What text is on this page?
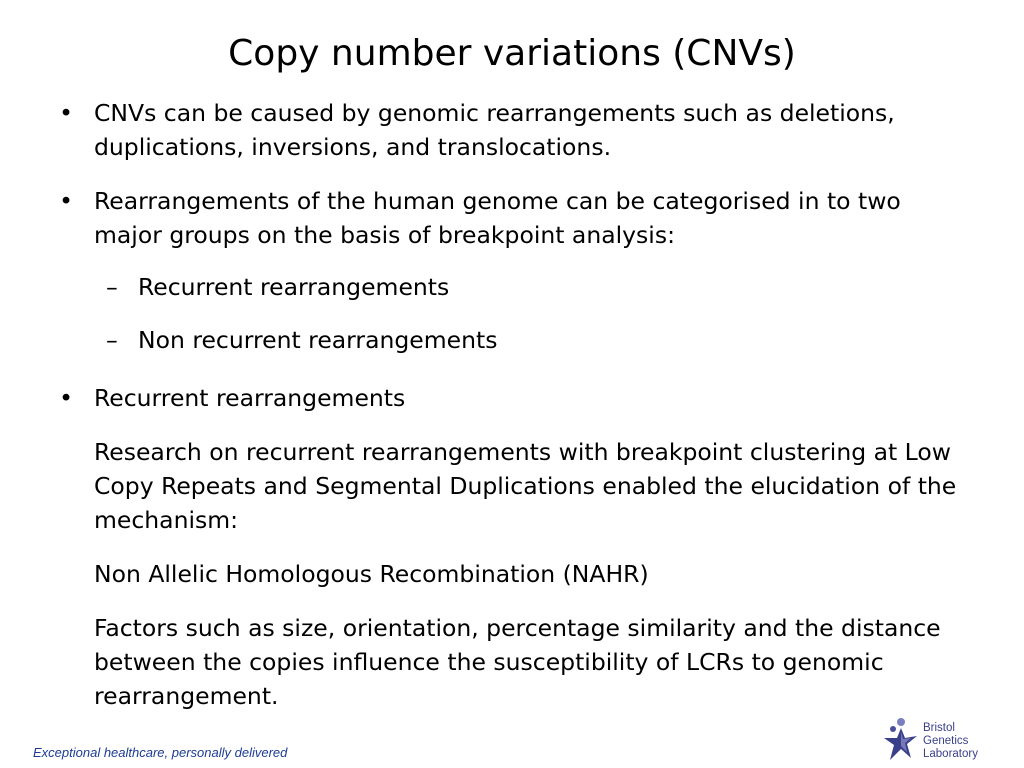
Copy number variations (CNVs)
• CNVs can be caused by genomic rearrangements such as deletions, duplications, inversions, and translocations.
• Rearrangements of the human genome can be categorised in to two major groups on the basis of breakpoint analysis:
– Recurrent rearrangements
– Non recurrent rearrangements
• Recurrent rearrangements
Research on recurrent rearrangements with breakpoint clustering at Low Copy Repeats and Segmental Duplications enabled the elucidation of the mechanism:
Non Allelic Homologous Recombination (NAHR)
Factors such as size, orientation, percentage similarity and the distance between the copies influence the susceptibility of LCRs to genomic rearrangement.
Exceptional healthcare, personally delivered
Bristol Genetics
Laboratory
